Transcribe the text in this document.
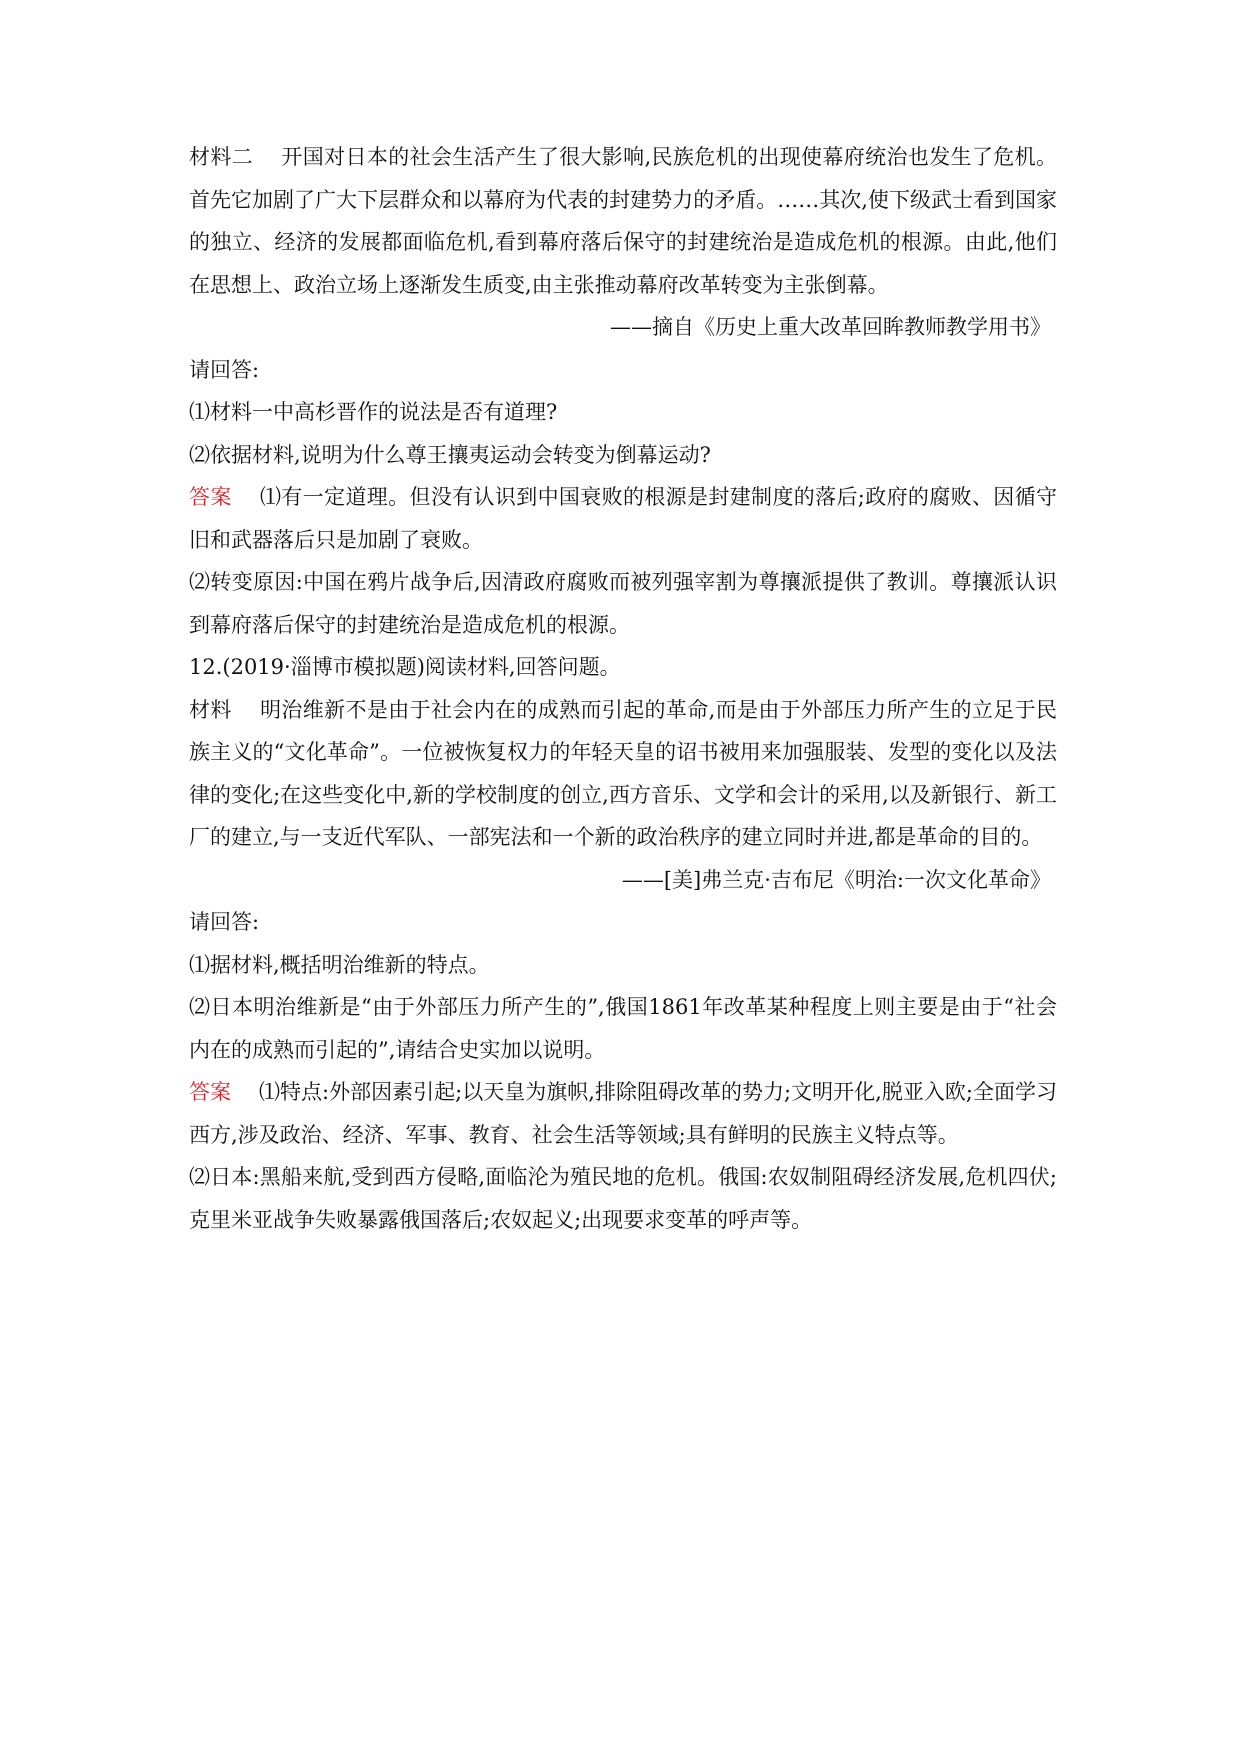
材料二 开国对日本的社会生活产生了很大影响,民族危机的出现使幕府统治也发生了危机。首先它加剧了广大下层群众和以幕府为代表的封建势力的矛盾。……其次,使下级武士看到国家的独立、经济的发展都面临危机,看到幕府落后保守的封建统治是造成危机的根源。由此,他们在思想上、政治立场上逐渐发生质变,由主张推动幕府改革转变为主张倒幕。

——摘自《历史上重大改革回眸教师教学用书》

请回答:

⑴材料一中高杉晋作的说法是否有道理?

⑵依据材料,说明为什么尊王攘夷运动会转变为倒幕运动?

答案 ⑴有一定道理。但没有认识到中国衰败的根源是封建制度的落后;政府的腐败、因循守旧和武器落后只是加剧了衰败。

⑵转变原因:中国在鸦片战争后,因清政府腐败而被列强宰割为尊攘派提供了教训。尊攘派认识到幕府落后保守的封建统治是造成危机的根源。

12.(2019·淄博市模拟题)阅读材料,回答问题。

材料 明治维新不是由于社会内在的成熟而引起的革命,而是由于外部压力所产生的立足于民族主义的“文化革命”。一位被恢复权力的年轻天皇的诏书被用来加强服装、发型的变化以及法律的变化;在这些变化中,新的学校制度的创立,西方音乐、文学和会计的采用,以及新银行、新工厂的建立,与一支近代军队、一部宪法和一个新的政治秩序的建立同时并进,都是革命的目的。

——[美]弗兰克·吉布尼《明治:一次文化革命》

请回答:

⑴据材料,概括明治维新的特点。

⑵日本明治维新是“由于外部压力所产生的”,俄国1861年改革某种程度上则主要是由于“社会内在的成熟而引起的”,请结合史实加以说明。

答案 ⑴特点:外部因素引起;以天皇为旗帜,排除阻碍改革的势力;文明开化,脱亚入欧;全面学习西方,涉及政治、经济、军事、教育、社会生活等领域;具有鲜明的民族主义特点等。

⑵日本:黑船来航,受到西方侵略,面临沦为殖民地的危机。俄国:农奴制阻碍经济发展,危机四伏;克里米亚战争失败暴露俄国落后;农奴起义;出现要求变革的呼声等。
